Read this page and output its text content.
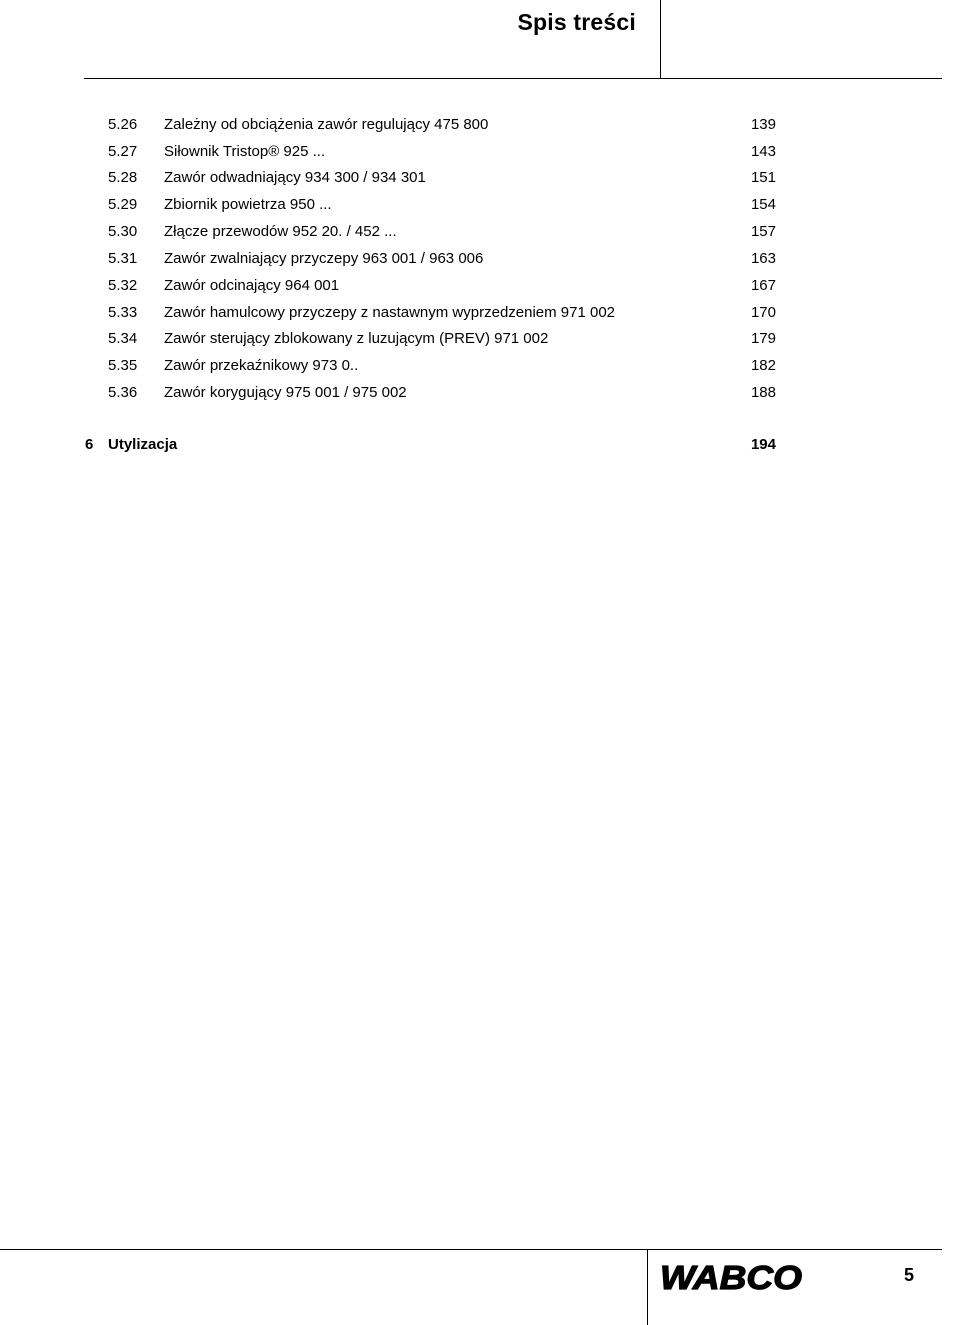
Spis treści
5.26 Zależny od obciążenia zawór regulujący 475 800	139
5.27 Siłownik Tristop® 925 ...	143
5.28 Zawór odwadniający 934 300 / 934 301	151
5.29 Zbiornik powietrza 950 ...	154
5.30 Złącze przewodów 952 20. / 452 ...	157
5.31 Zawór zwalniający przyczepy 963 001 / 963 006	163
5.32 Zawór odcinający 964 001	167
5.33 Zawór hamulcowy przyczepy z nastawnym wyprzedzeniem 971 002	170
5.34 Zawór sterujący zblokowany z luzującym (PREV) 971 002	179
5.35 Zawór przekaźnikowy 973 0..	182
5.36 Zawór korygujący 975 001 / 975 002	188
6 Utylizacja	194
WABCO	5
